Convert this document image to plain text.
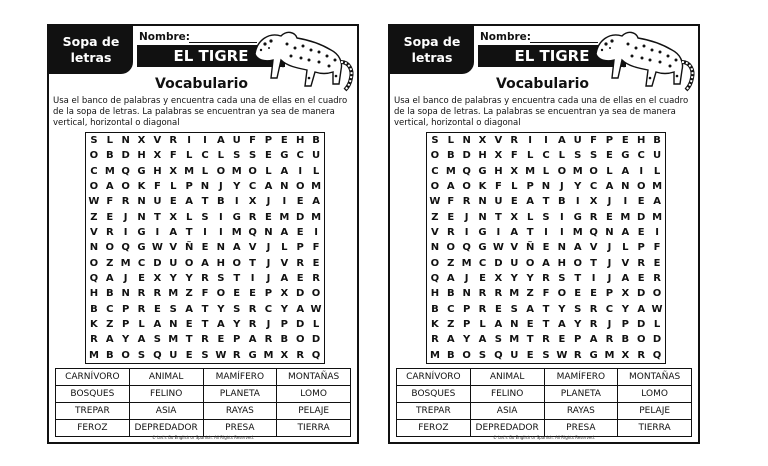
Sopa de letras
Nombre:
EL TIGRE
Vocabulario
Usa el banco de palabras y encuentra cada una de ellas en el cuadro de la sopa de letras. La palabras se encuentran ya sea de manera vertical, horizontal o diagonal
S L N X V R	I	I	A U F P E H B
O B D H X F L C L S S E G C U
C M Q G H X M L O M O L A	I	L
O A O K F L P N J	Y C A N O M
W F R N U E A T B	I	X	J	I	E A
Z E	J N T X L S	I G R E M D M
V R	I G I	A T	I	I M Q N A E	I
N O Q G W V Ñ E N A V	J	L P F
O Z M C D U O A H O T	J	V R E
Q A	J	E X Y Y R S T	I	J	A E R
H B N R R M Z F O E E P X D O
B C P R E S A T Y S R C Y A W
K Z P L A N E T A Y R	J	P D L
R A Y A S M T R E P A R B O D
M B O S Q U E S W R G M X R Q
CARNÍVORO	ANIMAL	MAMÍFERO	MONTAÑAS
BOSQUES	FELINO	PLANETA	LOMO
TREPAR	ASIA	RAYAS	PELAJE
FEROZ	DEPREDADOR	PRESA	TIERRA
© Let's Go English or Spanish. All Rights Reserved.
Sopa de letras
Nombre:
EL TIGRE
Vocabulario
Usa el banco de palabras y encuentra cada una de ellas en el cuadro de la sopa de letras. La palabras se encuentran ya sea de manera vertical, horizontal o diagonal
S L N X V R	I	I	A U F P E H B
O B D H X F L C L S S E G C U
C M Q G H X M L O M O L A	I	L
O A O K F L P N J	Y C A N O M
W F R N U E A T B	I	X	J	I	E A
Z E	J N T X L S	I G R E M D M
V R	I G I	A T	I	I M Q N A E	I
N O Q G W V Ñ E N A V	J	L P F
O Z M C D U O A H O T	J	V R E
Q A	J	E X Y Y R S T	I	J	A E R
H B N R R M Z F O E E P X D O
B C P R E S A T Y S R C Y A W
K Z P L A N E T A Y R	J	P D L
R A Y A S M T R E P A R B O D
M B O S Q U E S W R G M X R Q
CARNÍVORO	ANIMAL	MAMÍFERO	MONTAÑAS
BOSQUES	FELINO	PLANETA	LOMO
TREPAR	ASIA	RAYAS	PELAJE
FEROZ	DEPREDADOR	PRESA	TIERRA
© Let's Go English or Spanish. All Rights Reserved.
